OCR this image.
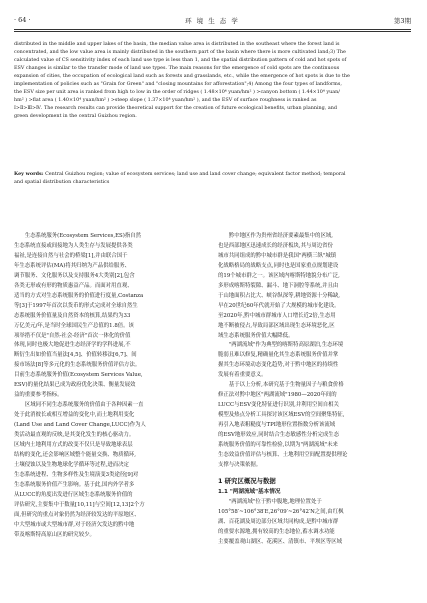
· 64 ·	环 境 生 态 学	第3期

distributed in the middle and upper lakes of the basin, the median value area is distributed in the southeast where the forest land is

concentrated, and the low value area is mainly distributed in the southern part of the basin where there is more cultivated land;3) The

calculated value of CS sensitivity index of each land use type is less than 1, and the spatial distribution pattern of cold and hot spots of

ESV changes is similar to the transfer mode of land use types. The main reasons for the emergence of cold spots are the continuous

expansion of cities, the occupation of ecological land such as forests and grasslands, etc., while the emergence of hot spots is due to the

implementation of policies such as "Grain for Green" and "closing mountains for afforestation";4) Among the four types of landforms,

the ESV size per unit area is ranked from high to low in the order of ridges ( 1.48×10⁴ yuan/hm² ) >canyon bottom ( 1.44×10⁴ yuan/

hm² ) >flat area ( 1.40×10⁴ yuan/hm² ) >steep slope ( 1.37×10⁴ yuan/hm² ), and the ESV of surface roughness is ranked as

Ⅰ>Ⅱ>Ⅲ>Ⅳ. The research results can provide theoretical support for the creation of future ecological benefits, urban planning, and

green development in the central Guizhou region.

Key words: Central Guizhou region; value of ecosystem services; land use and land cover change; equivalent factor method; temporal

and spatial distribution characteristics

生态系统服务(Ecosystem Services,ES)指自然

生态系统直接或间接地为人类生存与发展提供各类

福祉,是连接自然与社会的桥梁[1],并由联合国千

年生态系统评估(MA)将其归纳为产品供给服务、

调节服务、文化服务以及支持服务4大类别[2],包含

各类无形或有形的物质惠益产品。而面对用直观、

适当的方式对生态系统服务的价值进行度量,Costanza

等[3]于1997年首次以货币的形式完成对全球自然生

态系统服务价值量及自然资本的核算,结果约为33

万亿美元/年,是当时全球国民生产总值的1.8倍。该

项举措不仅是"自然-社会-经济"首次一体化的价值

体现,同时也极大地促进生态经济学的学科进展,不

断衍生出如价值当量法[4,5]、价值转移法[6,7]、间

接市场法[8]等多元化的生态系统服务价值评估方法。

目前生态系统服务价值(Ecosystem Services Value,

ESV)的量化结果已成为政府优化决策、衡量发展效

益的重要参考指标。

区域同不同生态系统服务的价值由于各种因素一直

处于此消彼长或相互增益的变化中,而土地利用变化

(Land Use and Land Cover Change,LUCC)作为人

类活动最直观的反映,是其变化发生的核心驱动力。

区域内土地利用方式的改变不仅只是导致地球表层

结构的变化,还会影响区域整个能量交换、物质循环,

土壤侵蚀以及生物地球化学循环等过程,进而决定

生态系统进程、生物多样性及生境演变3类途径[9]对

生态系统服务价值产生影响。基于此,国内外学者多

从LUCC的角度出发进行区域生态系统服务价值的

评估研究,主要集中于数量[10,11]与空间[12,13]2个方

面,但研究的重点对象仍然为经济较发达的平原地区、

中大型城市或大型城市群,对于经济欠发达的黔中地

带及喀斯特高原山区的研究较少。

黔中地区作为贵州省经济要素最集中的区域,

也是西部地区迅速成长的经济板块,其与周边省份

城市共同组成的黔中城市群是我国"两横三纵"城镇

化战略格局的战略支点,同时也是国家重点规划建设

的19个城市群之一。该区域内喀斯特地貌分布广泛,

多形成喀斯特裂隙、漏斗、地下洞腔等系统,并且由

于山地面积占比大、峡谷纵深等,耕地资源十分稀缺,

早在20世纪60年代就开始了大规模的城市化建设。

至2020年,黔中城市群城市人口增长近2倍,生态用

地不断被侵占,导致局部区域出现生态环境恶化,区

域生态系统服务价值大幅降低。

"两湖流域"作为典型的喀斯特高原湖泊,生态环境

脆弱且难以修复,精确量化其生态系统服务价值并掌

握其生态环境动态变化趋势,对于黔中地区的持续性

发展有着重要意义。

基于以上分析,本研究基于生物量因子与粮食价格

修正法对黔中地区"两湖流域"1980—2020年间的

LUCC与ESV变化特征进行识别,并利用空间自相关

模型及热点分析工具探讨该区域ESV的空间聚集特征,

再引入地表粗糙度与TPI地形位置指数分析该流域

的ESV地形效应,同时结合生态敏感性分析完成生态

系统服务价值的可靠性检验,以期为"两湖流域"未来

生态效益价值评估与核算、土地利用空间配置提供理论

支撑与决策依据。

1 研究区概况与数据

1.1 "两湖流域"基本情况

"两湖流域"位于黔中腹地,地理位置处于

105°58′~106°38′E,26°09′~26°42′N之间,由红枫

湖、百花湖及周边部分区域共同构成,是黔中城市群

的重要水源地,拥有较高的生态地位,蓄水调水功能

主要覆盖观山湖区、花溪区、清镇市、平坝区等区域
